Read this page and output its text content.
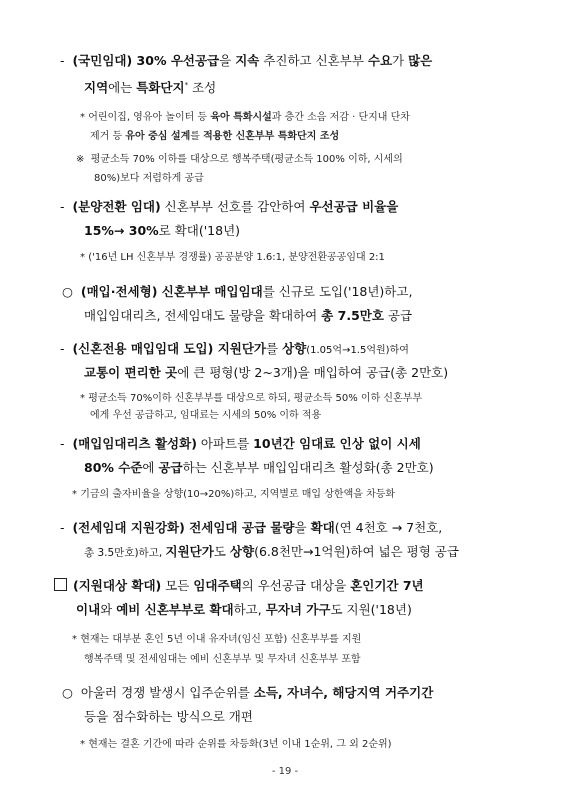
- (국민임대) 30% 우선공급을 지속 추진하고 신혼부부 수요가 많은
지역에는 특화단지* 조성
* 어린이집, 영유아 놀이터 등 육아 특화시설과 층간 소음 저감 · 단지내 단차
제거 등 유아 중심 설계를 적용한 신혼부부 특화단지 조성
※ 평균소득 70% 이하를 대상으로 행복주택(평균소득 100% 이하, 시세의
80%)보다 저렴하게 공급
- (분양전환 임대) 신혼부부 선호를 감안하여 우선공급 비율을
15%→ 30%로 확대('18년)
* ('16년 LH 신혼부부 경쟁률) 공공분양 1.6:1, 분양전환공공임대 2:1
○ (매입·전세형) 신혼부부 매입임대를 신규로 도입('18년)하고,
매입임대리츠, 전세임대도 물량을 확대하여 총 7.5만호 공급
- (신혼전용 매입임대 도입) 지원단가를 상향(1.05억→1.5억원)하여
교통이 편리한 곳에 큰 평형(방 2~3개)을 매입하여 공급(총 2만호)
* 평균소득 70%이하 신혼부부를 대상으로 하되, 평균소득 50% 이하 신혼부부
에게 우선 공급하고, 임대료는 시세의 50% 이하 적용
- (매입임대리츠 활성화) 아파트를 10년간 임대료 인상 없이 시세
80% 수준에 공급하는 신혼부부 매입임대리츠 활성화(총 2만호)
* 기금의 출자비율을 상향(10→20%)하고, 지역별로 매입 상한액을 차등화
- (전세임대 지원강화) 전세임대 공급 물량을 확대(연 4천호 → 7천호,
총 3.5만호)하고, 지원단가도 상향(6.8천만→1억원)하여 넓은 평형 공급
(지원대상 확대) 모든 임대주택의 우선공급 대상을 혼인기간 7년
이내와 예비 신혼부부로 확대하고, 무자녀 가구도 지원('18년)
* 현재는 대부분 혼인 5년 이내 유자녀(임신 포함) 신혼부부를 지원
행복주택 및 전세임대는 예비 신혼부부 및 무자녀 신혼부부 포함
○ 아울러 경쟁 발생시 입주순위를 소득, 자녀수, 해당지역 거주기간
등을 점수화하는 방식으로 개편
* 현재는 결혼 기간에 따라 순위를 차등화(3년 이내 1순위, 그 외 2순위)
- 19 -
